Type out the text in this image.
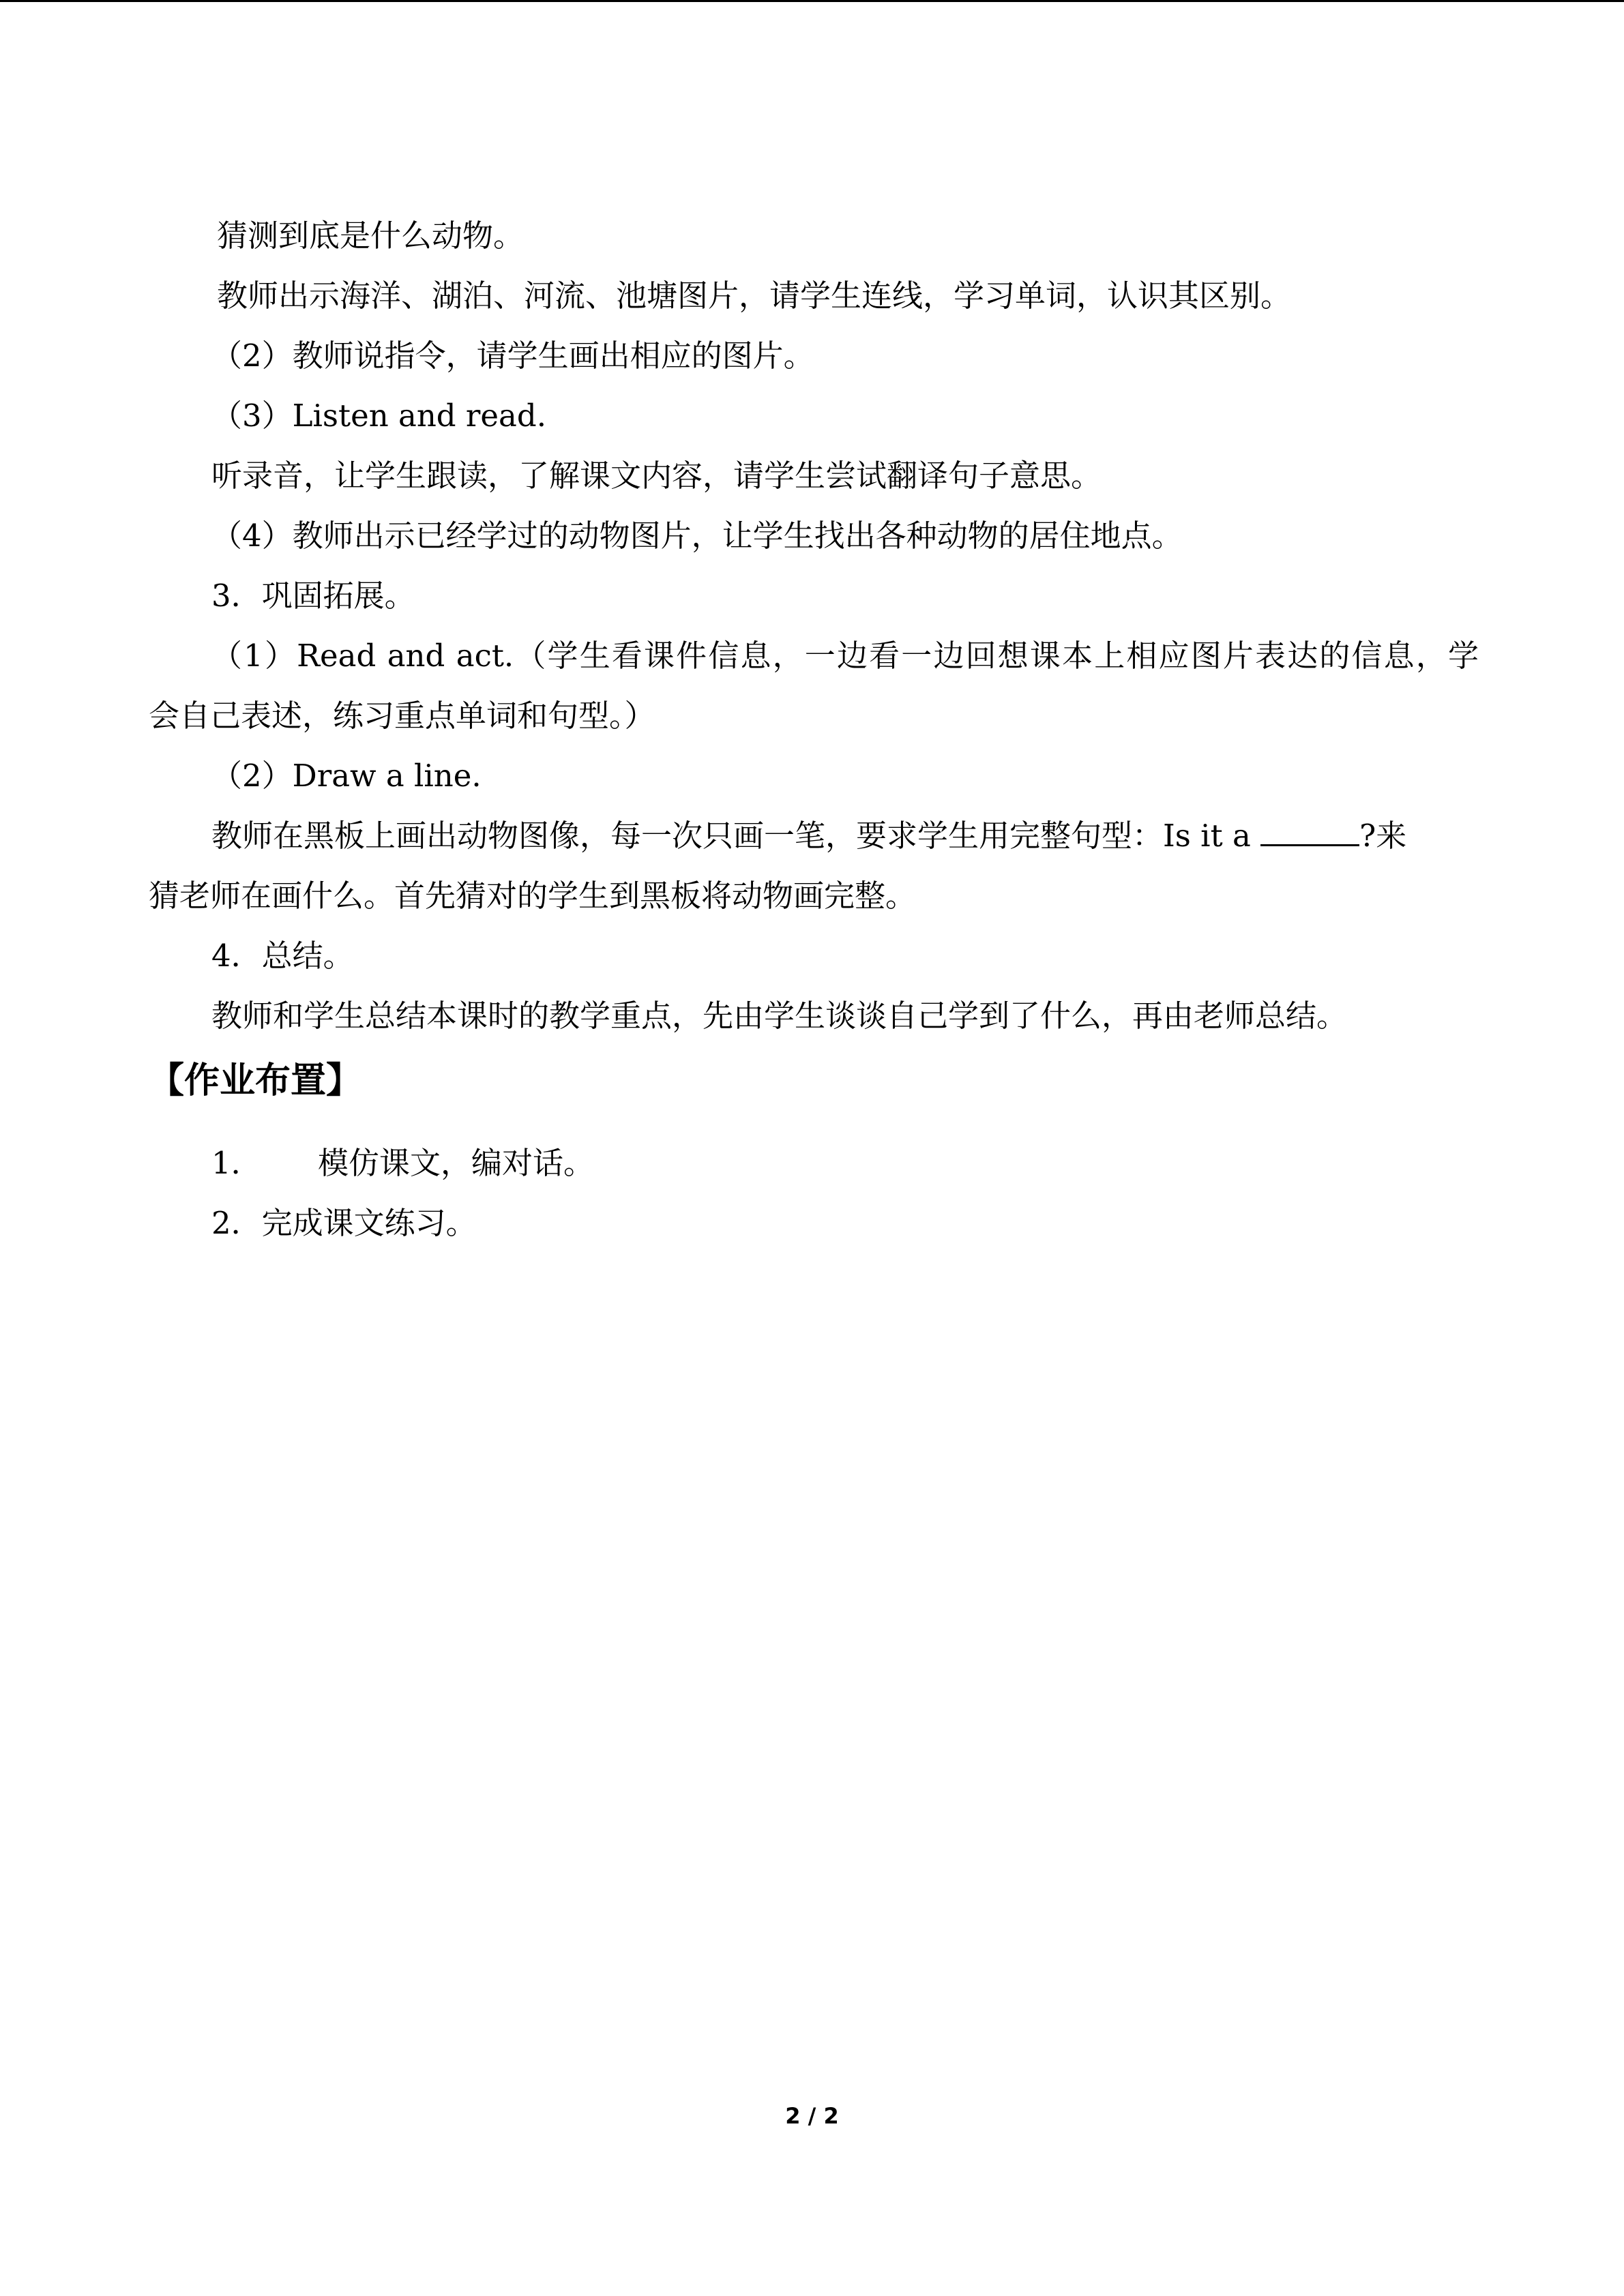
猜测到底是什么动物。
教师出示海洋、湖泊、河流、池塘图片，请学生连线，学习单词，认识其区别。
（2）教师说指令，请学生画出相应的图片。
（3）Listen and read.
听录音，让学生跟读，了解课文内容，请学生尝试翻译句子意思。
（4）教师出示已经学过的动物图片，让学生找出各种动物的居住地点。
3．巩固拓展。
（1）Read and act.（学生看课件信息，一边看一边回想课本上相应图片表达的信息，学
会自己表述，练习重点单词和句型。）
（2）Draw a line.
教师在黑板上画出动物图像，每一次只画一笔，要求学生用完整句型：Is it a	?来
猜老师在画什么。首先猜对的学生到黑板将动物画完整。
4．总结。
教师和学生总结本课时的教学重点，先由学生谈谈自己学到了什么，再由老师总结。
【作业布置】
1． 模仿课文，编对话。
2．完成课文练习。
2 / 2
